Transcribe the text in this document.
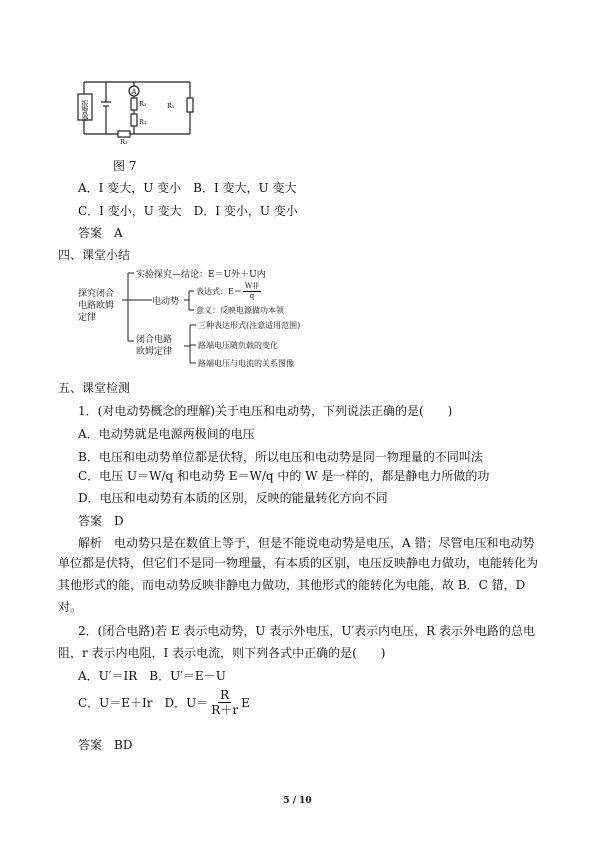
报警器
A
R₃
R₂
R₁
R₁
图 7
A．I 变大，U 变小　B．I 变大，U 变大
C．I 变小，U 变大　D．I 变小，U 变小
答案　A
四、课堂小结
探究闭合
电路欧姆
定律
实验探究—结论：E＝U外＋U内
电动势
表达式：$E= \frac{\text{W非}}{q}$
意义：反映电源做功本领
闭合电路
欧姆定律
三种表达形式(注意适用范围)
路端电压随负载的变化
路端电压与电流的关系图像
五、课堂检测
1．(对电动势概念的理解)关于电压和电动势，下列说法正确的是(　　)
A．电动势就是电源两极间的电压
B．电压和电动势单位都是伏特，所以电压和电动势是同一物理量的不同叫法
C．电压 U＝W/q 和电动势 E＝W/q 中的 W 是一样的，都是静电力所做的功
D．电压和电动势有本质的区别，反映的能量转化方向不同
答案　D
解析　电动势只是在数值上等于，但是不能说电动势是电压，A 错；尽管电压和电动势
单位都是伏特，但它们不是同一物理量，有本质的区别，电压反映静电力做功，电能转化为
其他形式的能，而电动势反映非静电力做功，其他形式的能转化为电能，故 B．C 错，D
对。
2．(闭合电路)若 E 表示电动势，U 表示外电压，U′表示内电压，R 表示外电路的总电
阻，r 表示内电阻，I 表示电流，则下列各式中正确的是(　　)
A．U′＝IR　B．U′＝E－U
C．U＝E＋Ir　D．$U= \frac{R}{R+r}$ E
答案　BD
5 / 10
